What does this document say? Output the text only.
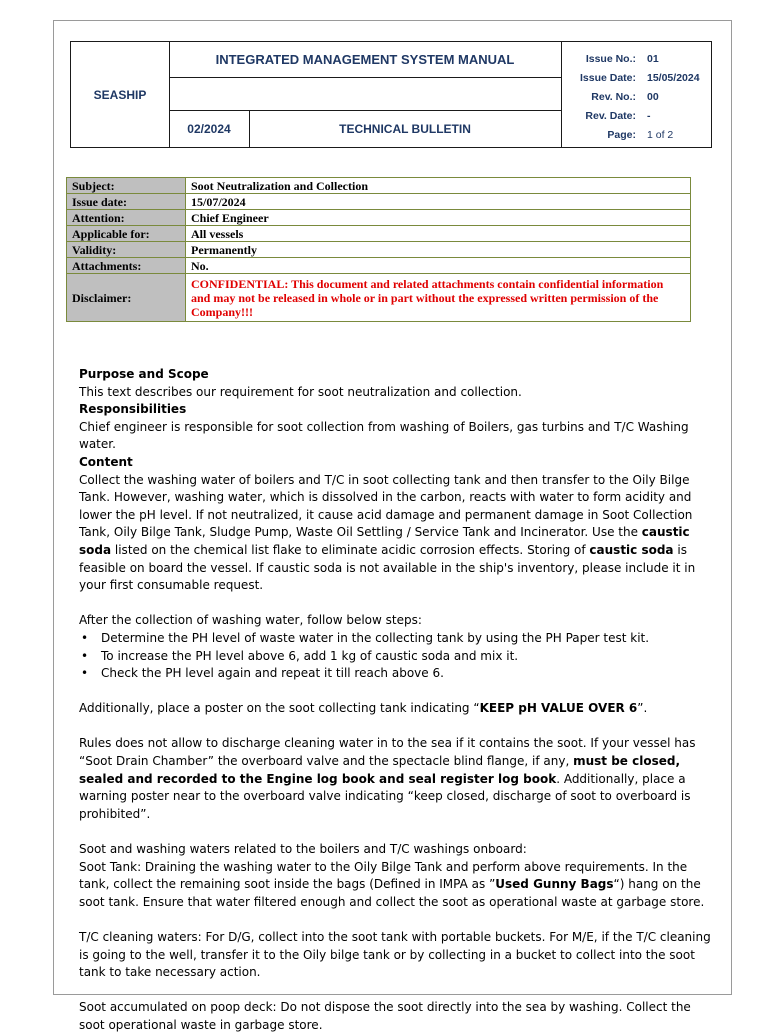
SEASHIP
INTEGRATED MANAGEMENT SYSTEM MANUAL
02/2024	TECHNICAL BULLETIN
Issue No.: 01
Issue Date: 15/05/2024
Rev. No.: 00
Rev. Date: -
Page: 1 of 2
Subject:	Soot Neutralization and Collection
Issue date:	15/07/2024
Attention:	Chief Engineer
Applicable for:	All vessels
Validity:	Permanently
Attachments:	No.
Disclaimer:	CONFIDENTIAL: This document and related attachments contain confidential information and may not be released in whole or in part without the expressed written permission of the Company!!!

Purpose and Scope

This text describes our requirement for soot neutralization and collection.

Responsibilities

Chief engineer is responsible for soot collection from washing of Boilers, gas turbins and T/C Washing water.

Content

Collect the washing water of boilers and T/C in soot collecting tank and then transfer to the Oily Bilge Tank. However, washing water, which is dissolved in the carbon, reacts with water to form acidity and lower the pH level. If not neutralized, it cause acid damage and permanent damage in Soot Collection Tank, Oily Bilge Tank, Sludge Pump, Waste Oil Settling / Service Tank and Incinerator. Use the caustic soda listed on the chemical list flake to eliminate acidic corrosion effects. Storing of caustic soda is feasible on board the vessel. If caustic soda is not available in the ship's inventory, please include it in your first consumable request.

After the collection of washing water, follow below steps:

• Determine the PH level of waste water in the collecting tank by using the PH Paper test kit.
• To increase the PH level above 6, add 1 kg of caustic soda and mix it.
• Check the PH level again and repeat it till reach above 6.

Additionally, place a poster on the soot collecting tank indicating “KEEP pH VALUE OVER 6”.

Rules does not allow to discharge cleaning water in to the sea if it contains the soot. If your vessel has “Soot Drain Chamber” the overboard valve and the spectacle blind flange, if any, must be closed, sealed and recorded to the Engine log book and seal register log book. Additionally, place a warning poster near to the overboard valve indicating “keep closed, discharge of soot to overboard is prohibited”.

Soot and washing waters related to the boilers and T/C washings onboard:

Soot Tank: Draining the washing water to the Oily Bilge Tank and perform above requirements. In the tank, collect the remaining soot inside the bags (Defined in IMPA as ”Used Gunny Bags“) hang on the soot tank. Ensure that water filtered enough and collect the soot as operational waste at garbage store.

T/C cleaning waters: For D/G, collect into the soot tank with portable buckets. For M/E, if the T/C cleaning is going to the well, transfer it to the Oily bilge tank or by collecting in a bucket to collect into the soot tank to take necessary action.

Soot accumulated on poop deck: Do not dispose the soot directly into the sea by washing. Collect the soot operational waste in garbage store.
